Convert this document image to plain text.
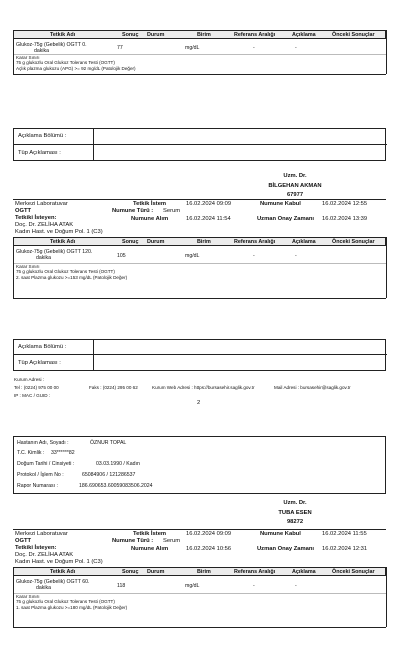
Tetkik Adı	Sonuç Durum	Birim	Referans Aralığı	Açıklama	Önceki Sonuçlar
Glukoz-75g (Gebelik) OGTT 0.
dakika	77	mg/dL	-	-
Karar Sınırı
75 g glukozlu Oral Glukoz Tolerans Testi (OGTT)
Açlık plazma glukozu (APG) >= 92 mg/dL (Patolojik Değer)
Açıklama Bölümü :
Tüp Açıklaması :
Uzm. Dr.
BİLGEHAN AKMAN
67977
Merkezi Laboratuvar
OGTT
Tetkiki İsteyen:
Doç. Dr. ZELİHA ATAK
Kadın Hast. ve Doğum Pol. 1 (C3)
Tetkik İstem	16.02.2024 09:09
Numune Türü : Serum
Numune Alım	16.02.2024 11:54
Numune Kabul	16.02.2024 12:55
Uzman Onay Zamanı 16.02.2024 13:39
Tetkik Adı	Sonuç Durum	Birim	Referans Aralığı	Açıklama	Önceki Sonuçlar
Glukoz-75g (Gebelik) OGTT 120.
dakika	105	mg/dL	-	-
Karar Sınırı
75 g glukozlu Oral Glukoz Tolerans Testi (OGTT)
2. saat Plazma glukozu >=153 mg/dL (Patolojik Değer)
Açıklama Bölümü :
Tüp Açıklaması :
Kurum Adresi :
Tel : (0224) 975 00 00	Faks : (0224) 295 00 62	Kurum Web Adresi : https://bursasehir.saglik.gov.tr	Mail Adresi : bursasehir@saglik.gov.tr
IP : MAC / GUID :
2
Hastanın Adı, Soyadı :	ÖZNUR TOPAL
T.C. Kimlik : 33******82
Doğum Tarihi / Cinsiyeti :	03.03.1990 / Kadın
Protokol / İşlem No :	65084906 / 121286537
Rapor Numarası :	186.690653.60059083506.2024
Uzm. Dr.
TUBA ESEN
98272
Merkezi Laboratuvar
OGTT
Tetkiki İsteyen:
Doç. Dr. ZELİHA ATAK
Kadın Hast. ve Doğum Pol. 1 (C3)
Tetkik İstem	16.02.2024 09:09
Numune Türü : Serum
Numune Alım	16.02.2024 10:56
Numune Kabul	16.02.2024 11:55
Uzman Onay Zamanı 16.02.2024 12:31
Tetkik Adı	Sonuç Durum	Birim	Referans Aralığı	Açıklama	Önceki Sonuçlar
Glukoz-75g (Gebelik) OGTT 60.
dakika	118	mg/dL	-	-
Karar Sınırı
75 g glukozlu Oral Glukoz Tolerans Testi (OGTT)
1. saat Plazma glukozu >=180 mg/dL (Patolojik Değer)
